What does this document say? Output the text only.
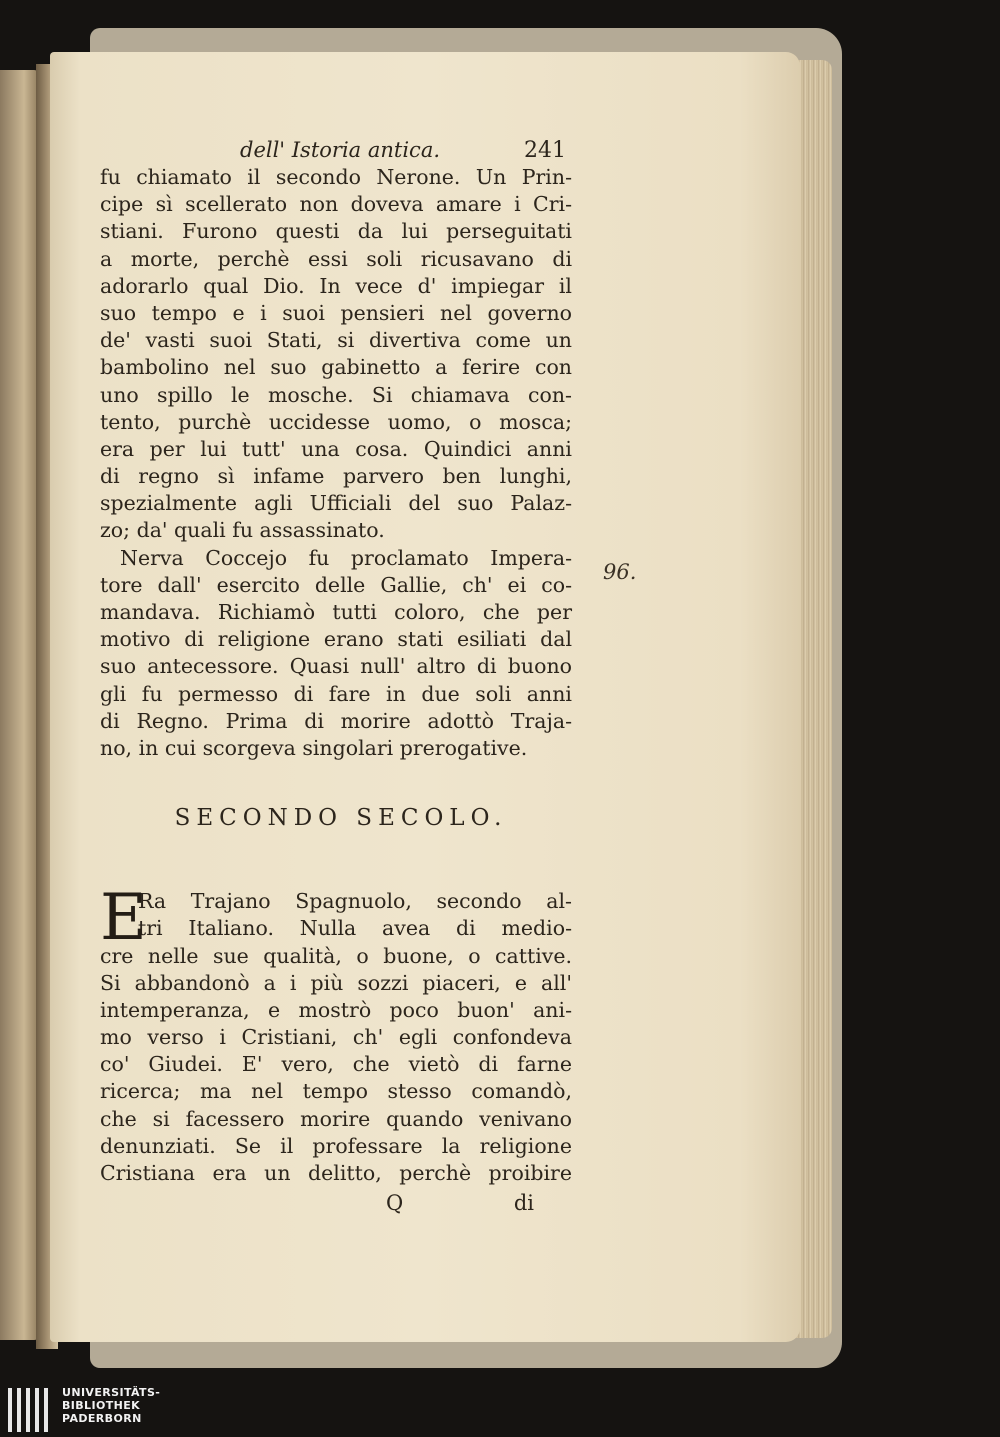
dell' Istoria antica.	241
fu chiamato il secondo Nerone. Un Prin-
cipe sì scellerato non doveva amare i Cri-
stiani. Furono questi da lui perseguitati
a morte, perchè essi soli ricusavano di
adorarlo qual Dio. In vece d' impiegar il
suo tempo e i suoi pensieri nel governo
de' vasti suoi Stati, si divertiva come un
bambolino nel suo gabinetto a ferire con
uno spillo le mosche. Si chiamava con-
tento, purchè uccidesse uomo, o mosca;
era per lui tutt' una cosa. Quindici anni
di regno sì infame parvero ben lunghi,
spezialmente agli Ufficiali del suo Palaz-
zo; da' quali fu assassinato.
Nerva Coccejo fu proclamato Impera-
tore dall' esercito delle Gallie, ch' ei co-
mandava. Richiamò tutti coloro, che per
motivo di religione erano stati esiliati dal
suo antecessore. Quasi null' altro di buono
gli fu permesso di fare in due soli anni
di Regno. Prima di morire adottò Traja-
no, in cui scorgeva singolari prerogative.
SECONDO SECOLO.
E
Ra Trajano Spagnuolo, secondo al-
tri Italiano. Nulla avea di medio-
cre nelle sue qualità, o buone, o cattive.
Si abbandonò a i più sozzi piaceri, e all'
intemperanza, e mostrò poco buon' ani-
mo verso i Cristiani, ch' egli confondeva
co' Giudei. E' vero, che vietò di farne
ricerca; ma nel tempo stesso comandò,
che si facessero morire quando venivano
denunziati. Se il professare la religione
Cristiana era un delitto, perchè proibire
Q	di
96.
UNIVERSITÄTS-
BIBLIOTHEK
PADERBORN
